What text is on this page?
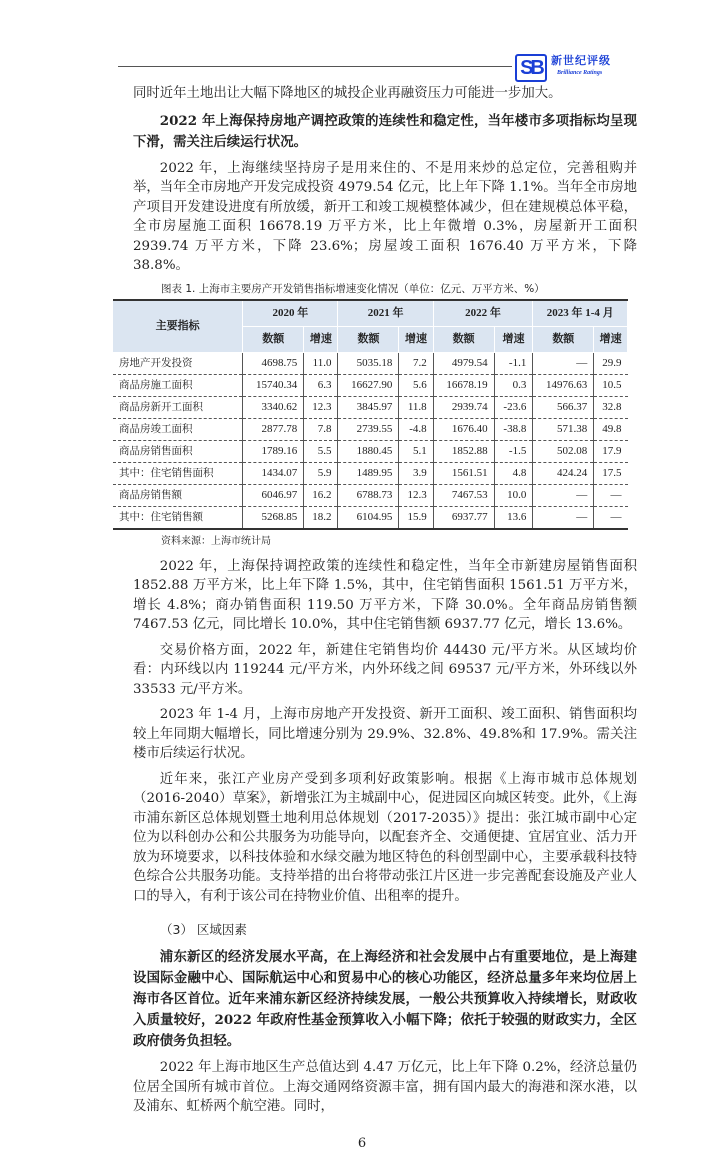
SB 新世纪评级
Brilliance Ratings

同时近年土地出让大幅下降地区的城投企业再融资压力可能进一步加大。

2022 年上海保持房地产调控政策的连续性和稳定性，当年楼市多项指标均呈现下滑，需关注后续运行状况。

2022 年，上海继续坚持房子是用来住的、不是用来炒的总定位，完善租购并举，当年全市房地产开发完成投资 4979.54 亿元，比上年下降 1.1%。当年全市房地产项目开发建设进度有所放缓，新开工和竣工规模整体减少，但在建规模总体平稳，全市房屋施工面积 16678.19 万平方米，比上年微增 0.3%，房屋新开工面积 2939.74 万平方米，下降 23.6%；房屋竣工面积 1676.40 万平方米，下降 38.8%。

图表 1. 上海市主要房产开发销售指标增速变化情况（单位：亿元、万平方米、%）
主要指标	2020 年		2021 年		2022 年		2023 年 1-4 月	
	数额	增速	数额	增速	数额	增速	数额	增速
房地产开发投资	4698.75	11.0	5035.18	7.2	4979.54	-1.1	—	29.9
商品房施工面积	15740.34	6.3	16627.90	5.6	16678.19	0.3	14976.63	10.5
商品房新开工面积	3340.62	12.3	3845.97	11.8	2939.74	-23.6	566.37	32.8
商品房竣工面积	2877.78	7.8	2739.55	-4.8	1676.40	-38.8	571.38	49.8
商品房销售面积	1789.16	5.5	1880.45	5.1	1852.88	-1.5	502.08	17.9
其中：住宅销售面积	1434.07	5.9	1489.95	3.9	1561.51	4.8	424.24	17.5
商品房销售额	6046.97	16.2	6788.73	12.3	7467.53	10.0	—	—
其中：住宅销售额	5268.85	18.2	6104.95	15.9	6937.77	13.6	—	—
资料来源：上海市统计局

2022 年，上海保持调控政策的连续性和稳定性，当年全市新建房屋销售面积 1852.88 万平方米，比上年下降 1.5%，其中，住宅销售面积 1561.51 万平方米，增长 4.8%；商办销售面积 119.50 万平方米，下降 30.0%。全年商品房销售额 7467.53 亿元，同比增长 10.0%，其中住宅销售额 6937.77 亿元，增长 13.6%。

交易价格方面，2022 年，新建住宅销售均价 44430 元/平方米。从区域均价看：内环线以内 119244 元/平方米，内外环线之间 69537 元/平方米，外环线以外 33533 元/平方米。

2023 年 1-4 月，上海市房地产开发投资、新开工面积、竣工面积、销售面积均较上年同期大幅增长，同比增速分别为 29.9%、32.8%、49.8%和 17.9%。需关注楼市后续运行状况。

近年来，张江产业房产受到多项利好政策影响。根据《上海市城市总体规划（2016-2040）草案》，新增张江为主城副中心，促进园区向城区转变。此外，《上海市浦东新区总体规划暨土地利用总体规划（2017-2035）》提出：张江城市副中心定位为以科创办公和公共服务为功能导向，以配套齐全、交通便捷、宜居宜业、活力开放为环境要求，以科技体验和水绿交融为地区特色的科创型副中心，主要承载科技特色综合公共服务功能。支持举措的出台将带动张江片区进一步完善配套设施及产业人口的导入，有利于该公司在持物业价值、出租率的提升。

（3） 区域因素

浦东新区的经济发展水平高，在上海经济和社会发展中占有重要地位，是上海建设国际金融中心、国际航运中心和贸易中心的核心功能区，经济总量多年来均位居上海市各区首位。近年来浦东新区经济持续发展，一般公共预算收入持续增长，财政收入质量较好，2022 年政府性基金预算收入小幅下降；依托于较强的财政实力，全区政府债务负担轻。

2022 年上海市地区生产总值达到 4.47 万亿元，比上年下降 0.2%，经济总量仍位居全国所有城市首位。上海交通网络资源丰富，拥有国内最大的海港和深水港，以及浦东、虹桥两个航空港。同时，

6
